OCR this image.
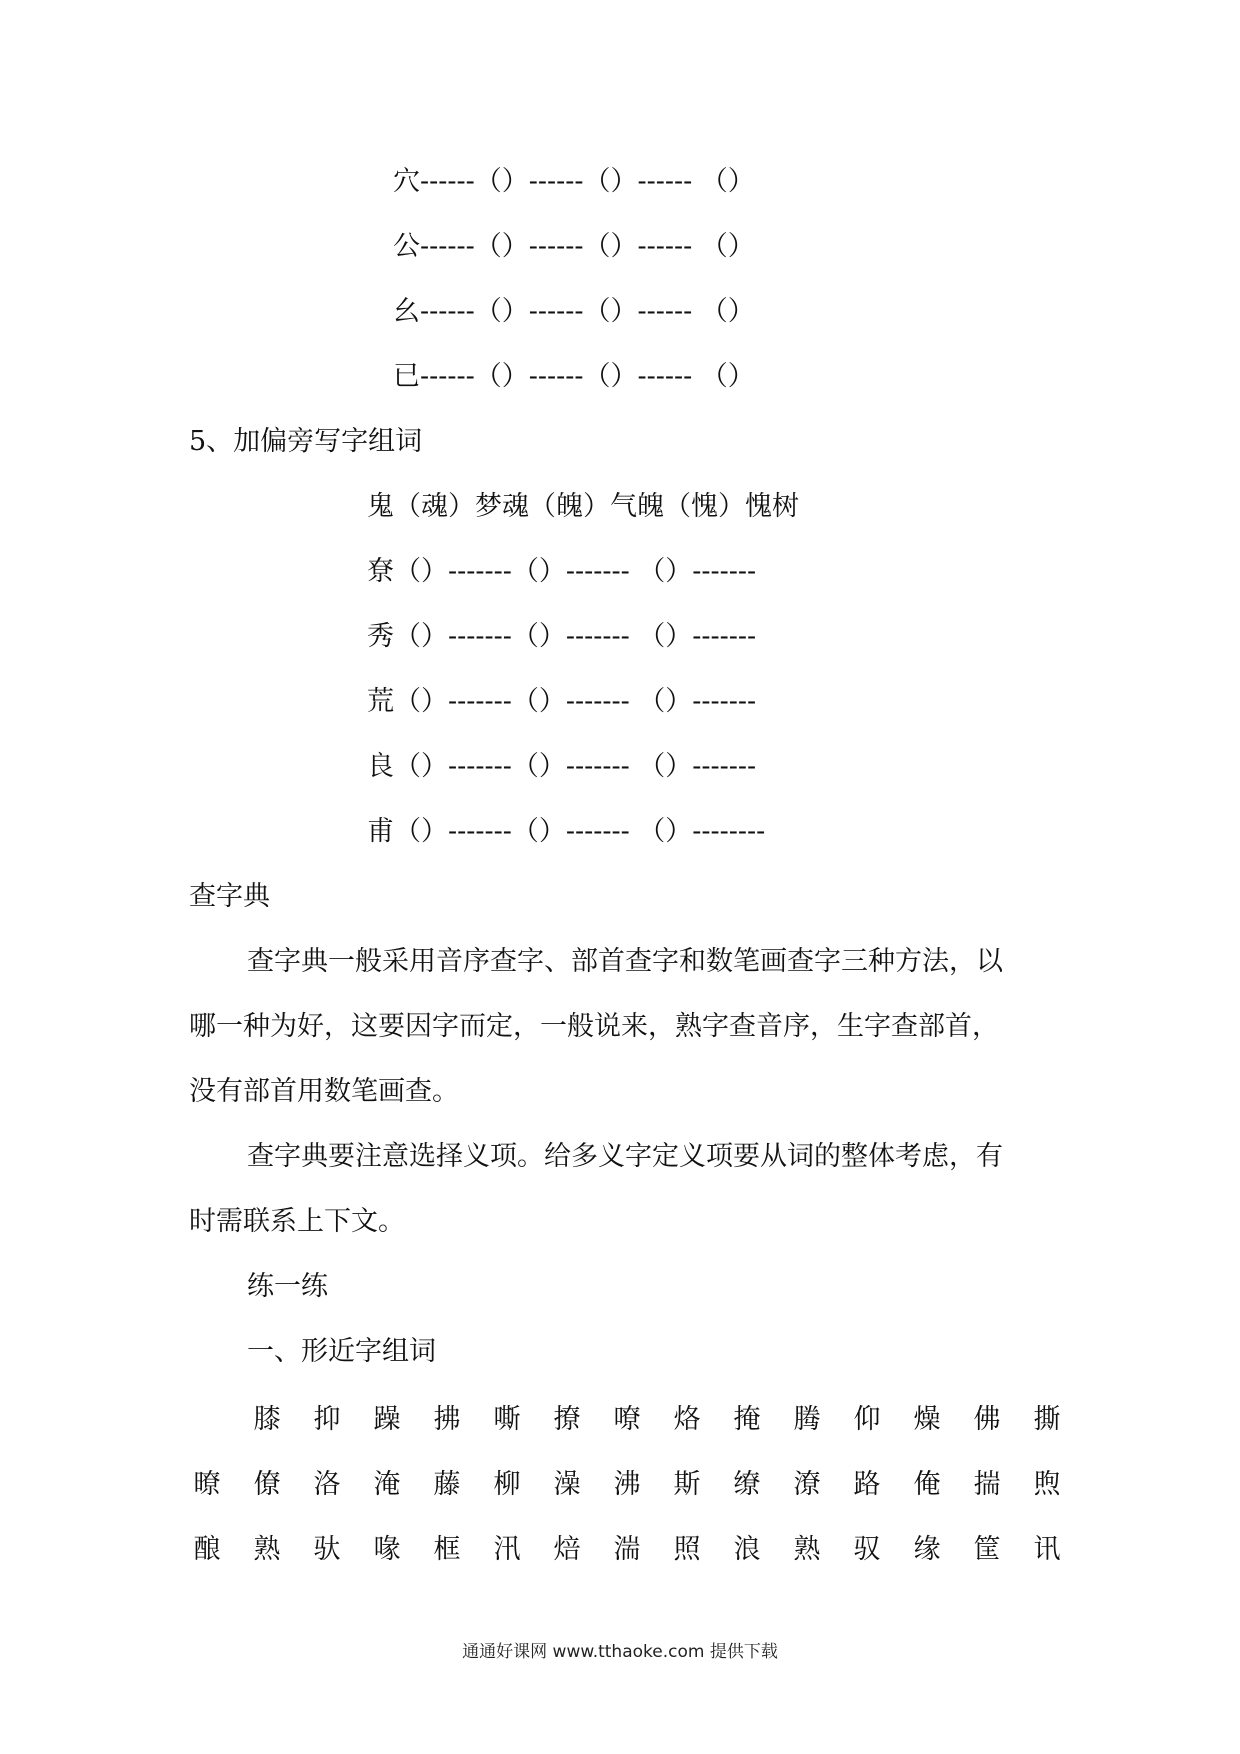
穴------（）------（）------ （）
公------（）------（）------ （）
幺------（）------（）------ （）
已------（）------（）------ （）
5、加偏旁写字组词
鬼（魂）梦魂（魄）气魄（愧）愧树
尞（）-------（）------- （）-------
秀（）-------（）------- （）-------
荒（）-------（）------- （）-------
良（）-------（）------- （）-------
甫（）-------（）------- （）--------
查字典
查字典一般采用音序查字、部首查字和数笔画查字三种方法，以
哪一种为好，这要因字而定，一般说来，熟字查音序，生字查部首，
没有部首用数笔画查。
查字典要注意选择义项。给多义字定义项要从词的整体考虑，有
时需联系上下文。
练一练
一、形近字组词
膝 抑 躁 拂 嘶 撩 嘹 烙 掩 腾 仰 燥 佛 撕
暸 僚 洛 淹 藤 柳 澡 沸 斯 缭 潦 路 俺 揣 煦
酿 熟 驮 喙 框 汛 焙 湍 照 浪 熟 驭 缘 筐 讯
通通好课网 www.tthaoke.com 提供下载
